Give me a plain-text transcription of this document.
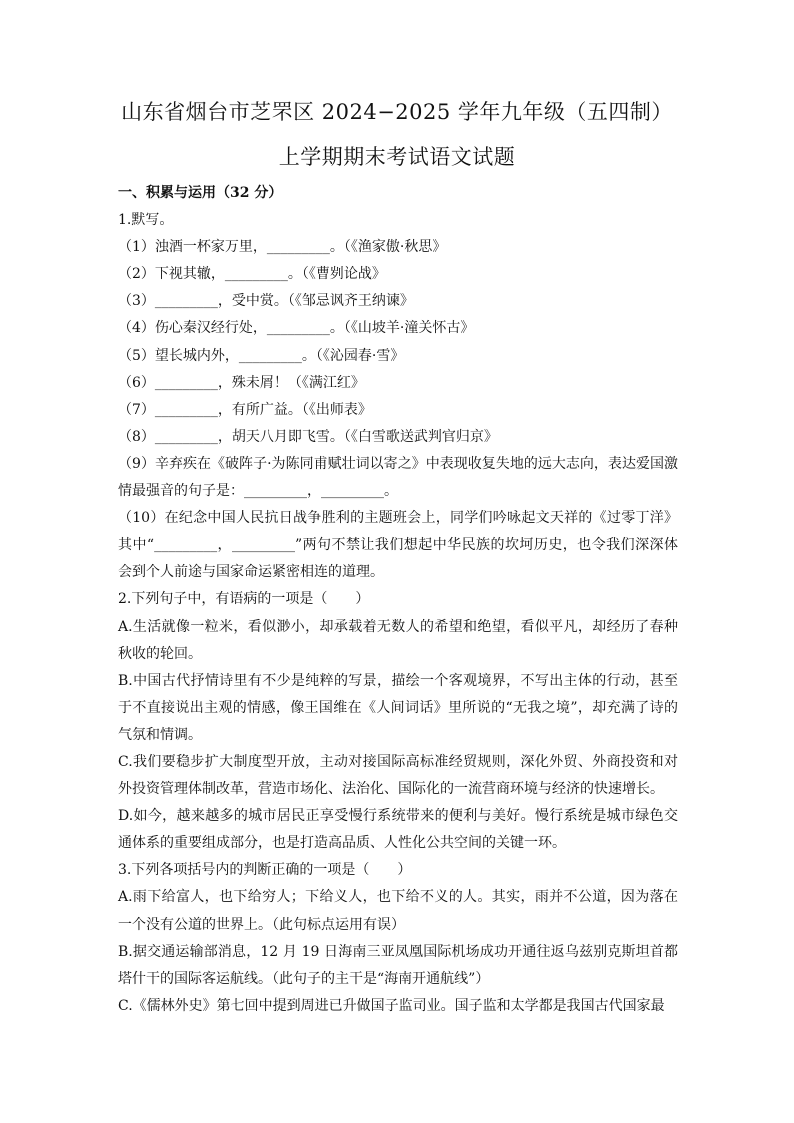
山东省烟台市芝罘区 2024−2025 学年九年级（五四制）
上学期期末考试语文试题
一、积累与运用（32 分）
1.默写。
（1）浊酒一杯家万里，_________。（《渔家傲·秋思》
（2）下视其辙，_________。（《曹刿论战》
（3）_________，受中赏。（《邹忌讽齐王纳谏》
（4）伤心秦汉经行处，_________。（《山坡羊·潼关怀古》
（5）望长城内外，_________。（《沁园春·雪》
（6）_________，殊未屑！（《满江红》
（7）_________，有所广益。（《出师表》
（8）_________，胡天八月即飞雪。（《白雪歌送武判官归京》
（9）辛弃疾在《破阵子·为陈同甫赋壮词以寄之》中表现收复失地的远大志向，表达爱国激情最强音的句子是：_________，_________。
（10）在纪念中国人民抗日战争胜利的主题班会上，同学们吟咏起文天祥的《过零丁洋》其中“_________，_________”两句不禁让我们想起中华民族的坎坷历史，也令我们深深体会到个人前途与国家命运紧密相连的道理。
2.下列句子中，有语病的一项是（　　）
A.生活就像一粒米，看似渺小，却承载着无数人的希望和绝望，看似平凡，却经历了春种秋收的轮回。
B.中国古代抒情诗里有不少是纯粹的写景，描绘一个客观境界，不写出主体的行动，甚至于不直接说出主观的情感，像王国维在《人间词话》里所说的“无我之境”，却充满了诗的气氛和情调。
C.我们要稳步扩大制度型开放，主动对接国际高标准经贸规则，深化外贸、外商投资和对外投资管理体制改革，营造市场化、法治化、国际化的一流营商环境与经济的快速增长。
D.如今，越来越多的城市居民正享受慢行系统带来的便利与美好。慢行系统是城市绿色交通体系的重要组成部分，也是打造高品质、人性化公共空间的关键一环。
3.下列各项括号内的判断正确的一项是（　　）
A.雨下给富人，也下给穷人；下给义人，也下给不义的人。其实，雨并不公道，因为落在一个没有公道的世界上。（此句标点运用有误）
B.据交通运输部消息，12 月 19 日海南三亚凤凰国际机场成功开通往返乌兹别克斯坦首都塔什干的国际客运航线。（此句子的主干是“海南开通航线”）
C.《儒林外史》第七回中提到周进已升做国子监司业。国子监和太学都是我国古代国家最
